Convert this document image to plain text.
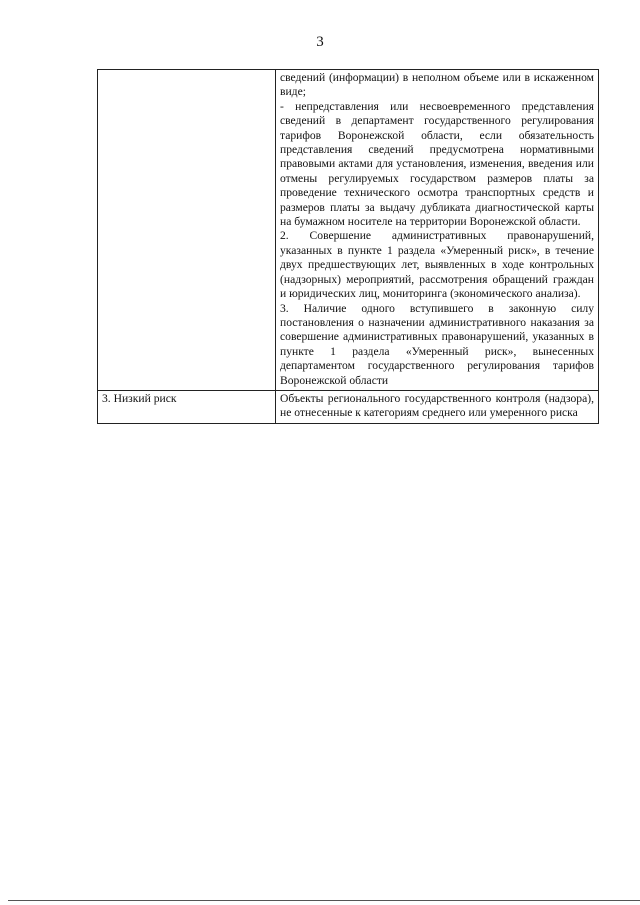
3

	сведений (информации) в неполном объеме или в искаженном виде;

- непредставления или несвоевременного представления сведений в департамент государственного регулирования тарифов Воронежской области, если обязательность представления сведений предусмотрена нормативными правовыми актами для установления, изменения, введения или отмены регулируемых государством размеров платы за проведение технического осмотра транспортных средств и размеров платы за выдачу дубликата диагностической карты на бумажном носителе на территории Воронежской области.

2. Совершение административных правонарушений, указанных в пункте 1 раздела «Умеренный риск», в течение двух предшествующих лет, выявленных в ходе контрольных (надзорных) мероприятий, рассмотрения обращений граждан и юридических лиц, мониторинга (экономического анализа).

3. Наличие одного вступившего в законную силу постановления о назначении административного наказания за совершение административных правонарушений, указанных в пункте 1 раздела «Умеренный риск», вынесенных департаментом государственного регулирования тарифов Воронежской области

3. Низкий риск	Объекты регионального государственного контроля (надзора), не отнесенные к категориям среднего или умеренного риска
